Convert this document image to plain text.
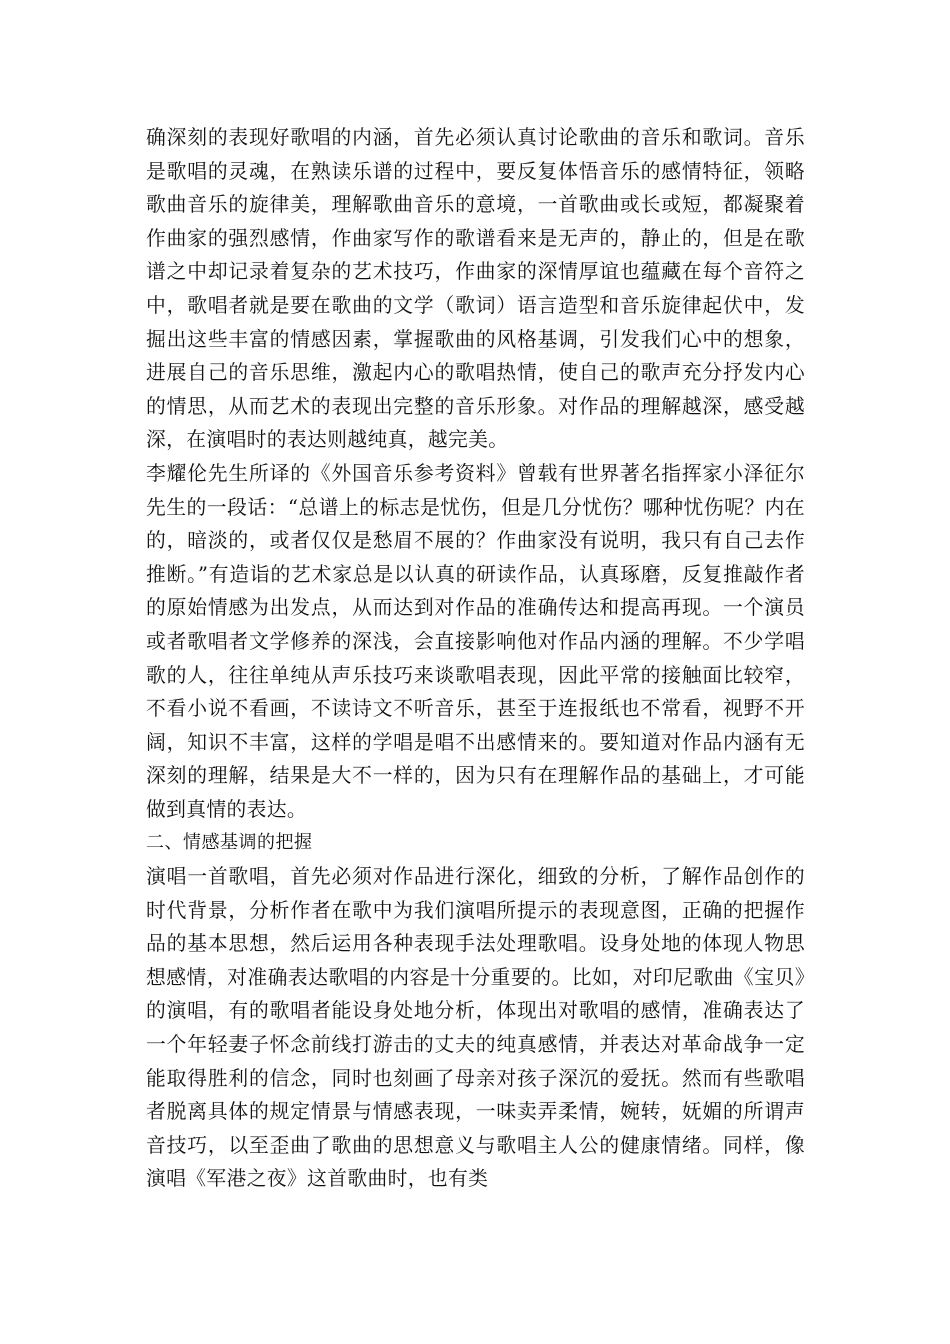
确深刻的表现好歌唱的内涵，首先必须认真讨论歌曲的音乐和歌词。音乐是歌唱的灵魂，在熟读乐谱的过程中，要反复体悟音乐的感情特征，领略歌曲音乐的旋律美，理解歌曲音乐的意境，一首歌曲或长或短，都凝聚着作曲家的强烈感情，作曲家写作的歌谱看来是无声的，静止的，但是在歌谱之中却记录着复杂的艺术技巧，作曲家的深情厚谊也蕴藏在每个音符之中，歌唱者就是要在歌曲的文学（歌词）语言造型和音乐旋律起伏中，发掘出这些丰富的情感因素，掌握歌曲的风格基调，引发我们心中的想象，进展自己的音乐思维，激起内心的歌唱热情，使自己的歌声充分抒发内心的情思，从而艺术的表现出完整的音乐形象。对作品的理解越深，感受越深，在演唱时的表达则越纯真，越完美。

李耀伦先生所译的《外国音乐参考资料》曾载有世界著名指挥家小泽征尔先生的一段话：“总谱上的标志是忧伤，但是几分忧伤？哪种忧伤呢？内在的，暗淡的，或者仅仅是愁眉不展的？作曲家没有说明，我只有自己去作推断。”有造诣的艺术家总是以认真的研读作品，认真琢磨，反复推敲作者的原始情感为出发点，从而达到对作品的准确传达和提高再现。一个演员或者歌唱者文学修养的深浅，会直接影响他对作品内涵的理解。不少学唱歌的人，往往单纯从声乐技巧来谈歌唱表现，因此平常的接触面比较窄，不看小说不看画，不读诗文不听音乐，甚至于连报纸也不常看，视野不开阔，知识不丰富，这样的学唱是唱不出感情来的。要知道对作品内涵有无深刻的理解，结果是大不一样的，因为只有在理解作品的基础上，才可能做到真情的表达。

二、情感基调的把握

演唱一首歌唱，首先必须对作品进行深化，细致的分析，了解作品创作的时代背景，分析作者在歌中为我们演唱所提示的表现意图，正确的把握作品的基本思想，然后运用各种表现手法处理歌唱。设身处地的体现人物思想感情，对准确表达歌唱的内容是十分重要的。比如，对印尼歌曲《宝贝》的演唱，有的歌唱者能设身处地分析，体现出对歌唱的感情，准确表达了一个年轻妻子怀念前线打游击的丈夫的纯真感情，并表达对革命战争一定能取得胜利的信念，同时也刻画了母亲对孩子深沉的爱抚。然而有些歌唱者脱离具体的规定情景与情感表现，一味卖弄柔情，婉转，妩媚的所谓声音技巧，以至歪曲了歌曲的思想意义与歌唱主人公的健康情绪。同样，像演唱《军港之夜》这首歌曲时，也有类
